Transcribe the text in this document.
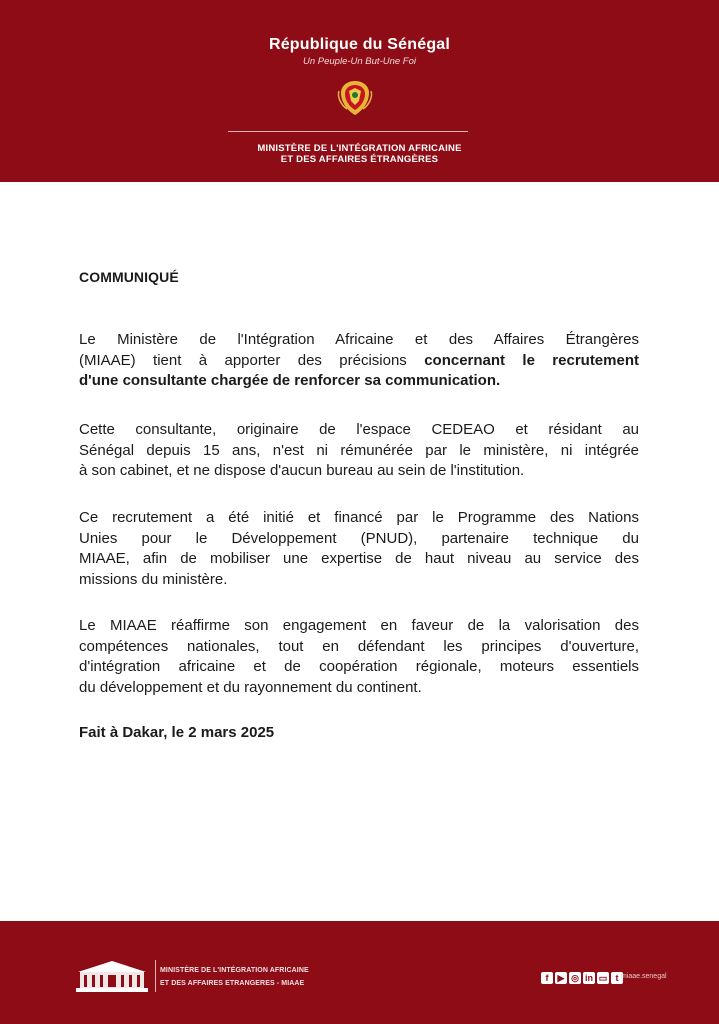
République du Sénégal
Un Peuple-Un But-Une Foi
MINISTÈRE DE L'INTÉGRATION AFRICAINE
ET DES AFFAIRES ÉTRANGÈRES
COMMUNIQUÉ
Le Ministère de l'Intégration Africaine et des Affaires Étrangères
(MIAAE) tient à apporter des précisions concernant le recrutement
d'une consultante chargée de renforcer sa communication.
Cette consultante, originaire de l'espace CEDEAO et résidant au
Sénégal depuis 15 ans, n'est ni rémunérée par le ministère, ni intégrée
à son cabinet, et ne dispose d'aucun bureau au sein de l'institution.
Ce recrutement a été initié et financé par le Programme des Nations
Unies pour le Développement (PNUD), partenaire technique du
MIAAE, afin de mobiliser une expertise de haut niveau au service des
missions du ministère.
Le MIAAE réaffirme son engagement en faveur de la valorisation des
compétences nationales, tout en défendant les principes d'ouverture,
d'intégration africaine et de coopération régionale, moteurs essentiels
du développement et du rayonnement du continent.
Fait à Dakar, le 2 mars 2025
MINISTÈRE DE L'INTÉGRATION AFRICAINE
ET DES AFFAIRES ETRANGERES - MIAAE
f	▶ ◎ in ▭ t miaae.senegal
